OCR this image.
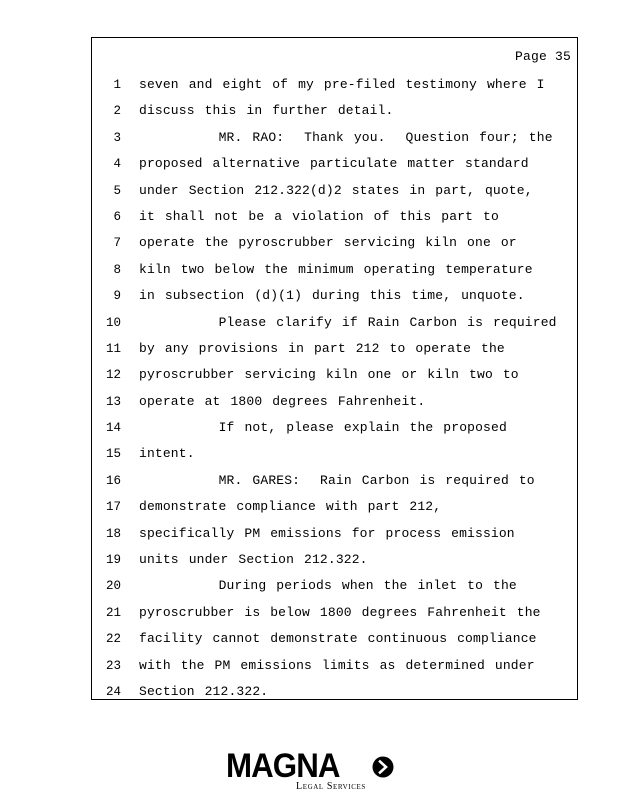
Page 35
1 seven and eight of my pre-filed testimony where I
2 discuss this in further detail.
3 MR. RAO:  Thank you.  Question four; the
4 proposed alternative particulate matter standard
5 under Section 212.322(d)2 states in part, quote,
6 it shall not be a violation of this part to
7 operate the pyroscrubber servicing kiln one or
8 kiln two below the minimum operating temperature
9 in subsection (d)(1) during this time, unquote.
10 Please clarify if Rain Carbon is required
11 by any provisions in part 212 to operate the
12 pyroscrubber servicing kiln one or kiln two to
13 operate at 1800 degrees Fahrenheit.
14 If not, please explain the proposed
15 intent.
16 MR. GARES:  Rain Carbon is required to
17 demonstrate compliance with part 212,
18 specifically PM emissions for process emission
19 units under Section 212.322.
20 During periods when the inlet to the
21 pyroscrubber is below 1800 degrees Fahrenheit the
22 facility cannot demonstrate continuous compliance
23 with the PM emissions limits as determined under
24 Section 212.322.
MAGNA
Legal Services
